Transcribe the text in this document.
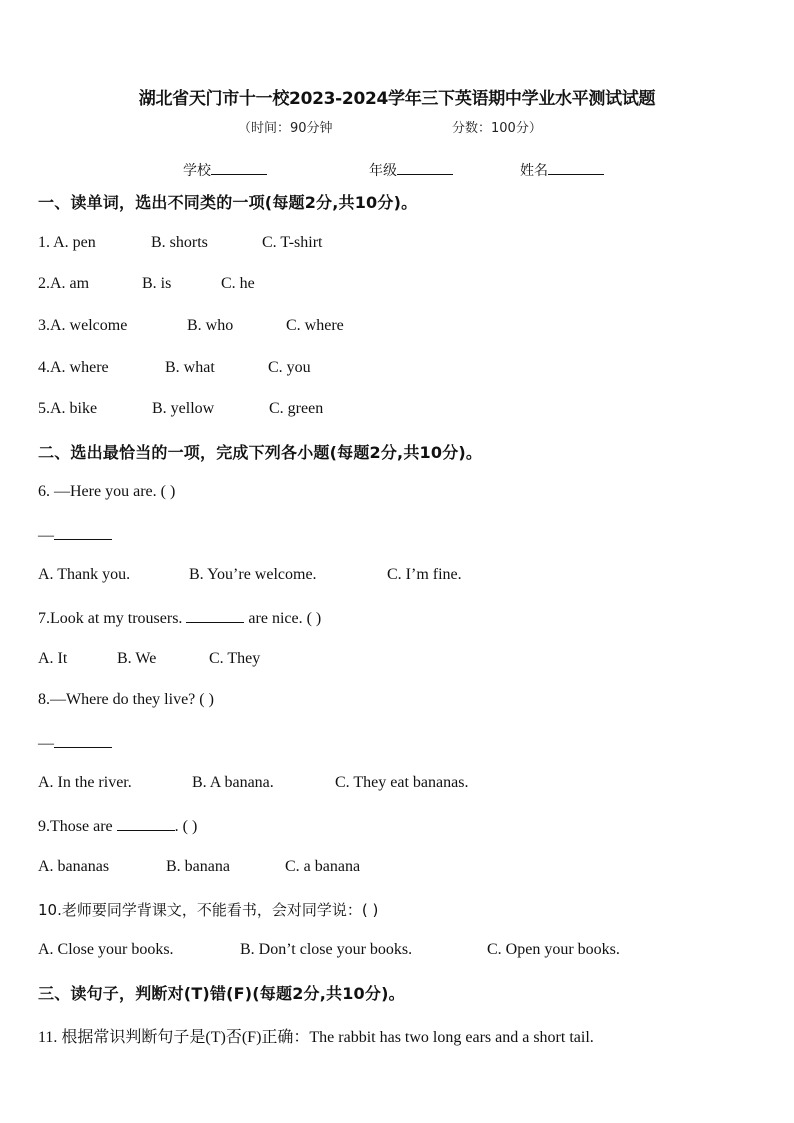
湖北省天门市十一校2023-2024学年三下英语期中学业水平测试试题
（时间：90分钟	分数：100分）
学校	年级	姓名
一、读单词，选出不同类的一项(每题2分,共10分)。
1. A. pen	B. shorts	C. T-shirt
2.A. am	B. is	C. he
3.A. welcome	B. who	C. where
4.A. where	B. what	C. you
5.A. bike	B. yellow	C. green
二、选出最恰当的一项，完成下列各小题(每题2分,共10分)。
6. —Here you are. ( )
—
A. Thank you.	B. You’re welcome.	C. I’m fine.
7.Look at my trousers.	are nice. ( )
A. It	B. We	C. They
8.—Where do they live? ( )
—
A. In the river.	B. A banana.	C. They eat bananas.
9.Those are	. ( )
A. bananas	B. banana	C. a banana
10.老师要同学背课文，不能看书，会对同学说：( )
A. Close your books.	B. Don’t close your books.	C. Open your books.
三、读句子，判断对(T)错(F)(每题2分,共10分)。
11. 根据常识判断句子是(T)否(F)正确：The rabbit has two long ears and a short tail.
